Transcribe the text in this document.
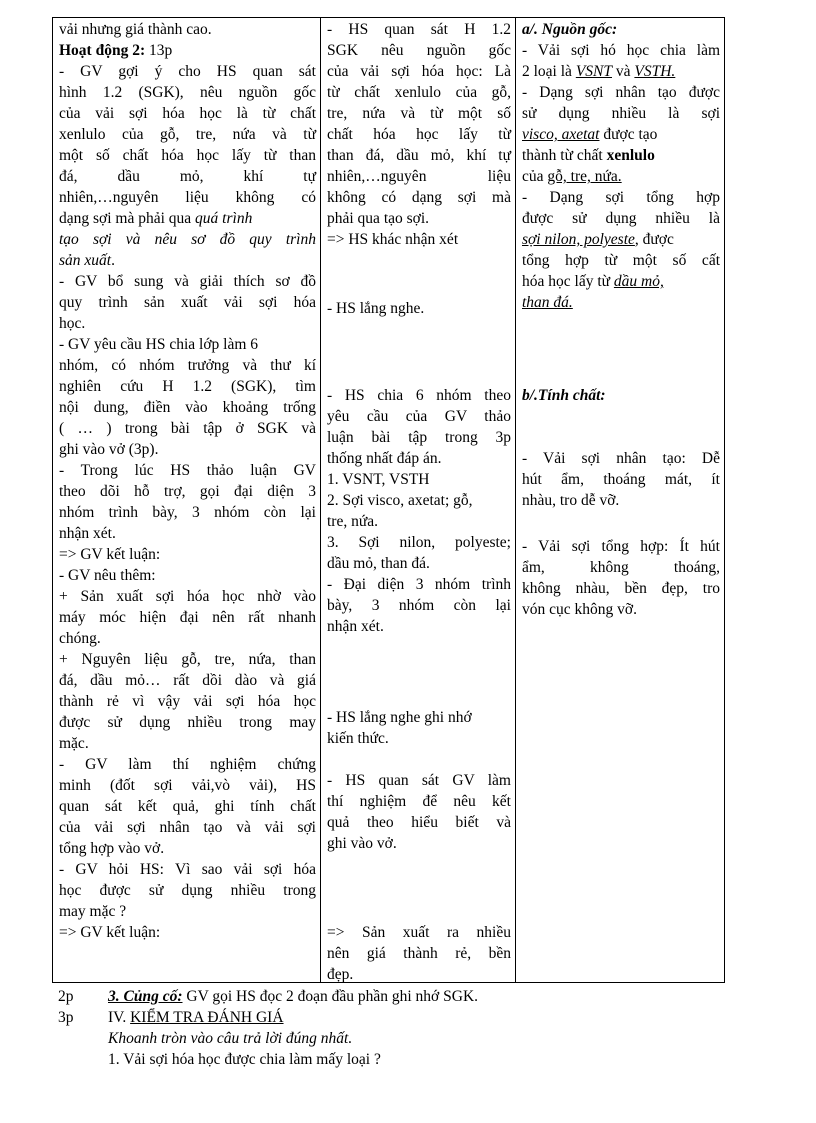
vải nhưng giá thành cao.
Hoạt động 2: 13p
- GV gợi ý cho HS quan sát
hình 1.2 (SGK), nêu nguồn gốc
của vải sợi hóa học là từ chất
xenlulo của gỗ, tre, nứa và từ
một số chất hóa học lấy từ than
đá, dầu mỏ, khí tự
nhiên,…nguyên liệu không có
dạng sợi mà phải qua quá trình
tạo sợi và nêu sơ đồ quy trình
sản xuất.
- GV bổ sung và giải thích sơ đồ
quy trình sản xuất vải sợi hóa
học.
- GV yêu cầu HS chia lớp làm 6
nhóm, có nhóm trưởng và thư kí
nghiên cứu H 1.2 (SGK), tìm
nội dung, điền vào khoảng trống
( … ) trong bài tập ở SGK và
ghi vào vở (3p).
- Trong lúc HS thảo luận GV
theo dõi hỗ trợ, gọi đại diện 3
nhóm trình bày, 3 nhóm còn lại
nhận xét.
=> GV kết luận:
- GV nêu thêm:
+ Sản xuất sợi hóa học nhờ vào
máy móc hiện đại nên rất nhanh
chóng.
+ Nguyên liệu gỗ, tre, nứa, than
đá, dầu mỏ… rất dồi dào và giá
thành rẻ vì vậy vải sợi hóa học
được sử dụng nhiều trong may
mặc.
- GV làm thí nghiệm chứng
minh (đốt sợi vải,vò vải), HS
quan sát kết quả, ghi tính chất
của vải sợi nhân tạo và vải sợi
tổng hợp vào vở.
- GV hỏi HS: Vì sao vải sợi hóa
học được sử dụng nhiều trong
may mặc ?
=> GV kết luận:
- HS quan sát H 1.2
SGK nêu nguồn gốc
của vải sợi hóa học: Là
từ chất xenlulo của gỗ,
tre, nứa và từ một số
chất hóa học lấy từ
than đá, dầu mỏ, khí tự
nhiên,…nguyên liệu
không có dạng sợi mà
phải qua tạo sợi.
=> HS khác nhận xét
- HS lắng nghe.
- HS chia 6 nhóm theo
yêu cầu của GV thảo
luận bài tập trong 3p
thống nhất đáp án.
1. VSNT, VSTH
2. Sợi visco, axetat; gỗ,
tre, nứa.
3. Sợi nilon, polyeste;
dầu mỏ, than đá.
- Đại diện 3 nhóm trình
bày, 3 nhóm còn lại
nhận xét.
- HS lắng nghe ghi nhớ
kiến thức.
- HS quan sát GV làm
thí nghiệm để nêu kết
quả theo hiểu biết và
ghi vào vở.
=> Sản xuất ra nhiều
nên giá thành rẻ, bền
đẹp.
a/. Nguồn gốc:
- Vải sợi hó học chia làm
2 loại là VSNT và VSTH.
- Dạng sợi nhân tạo được
sử dụng nhiều là sợi
visco, axetat được tạo
thành từ chất xenlulo
của gỗ, tre, nứa.
- Dạng sợi tổng hợp
được sử dụng nhiều là
sợi nilon, polyeste, được
tổng hợp từ một số cất
hóa học lấy từ dầu mỏ,
than đá.
b/.Tính chất:
- Vải sợi nhân tạo: Dễ
hút ẩm, thoáng mát, ít
nhàu, tro dễ vỡ.
- Vải sợi tổng hợp: Ít hút
ẩm, không thoáng,
không nhàu, bền đẹp, tro
vón cục không vỡ.
2p 3. Củng cố: GV gọi HS đọc 2 đoạn đầu phần ghi nhớ SGK.
3p IV. KIỂM TRA ĐÁNH GIÁ
Khoanh tròn vào câu trả lời đúng nhất.
1. Vải sợi hóa học được chia làm mấy loại ?
